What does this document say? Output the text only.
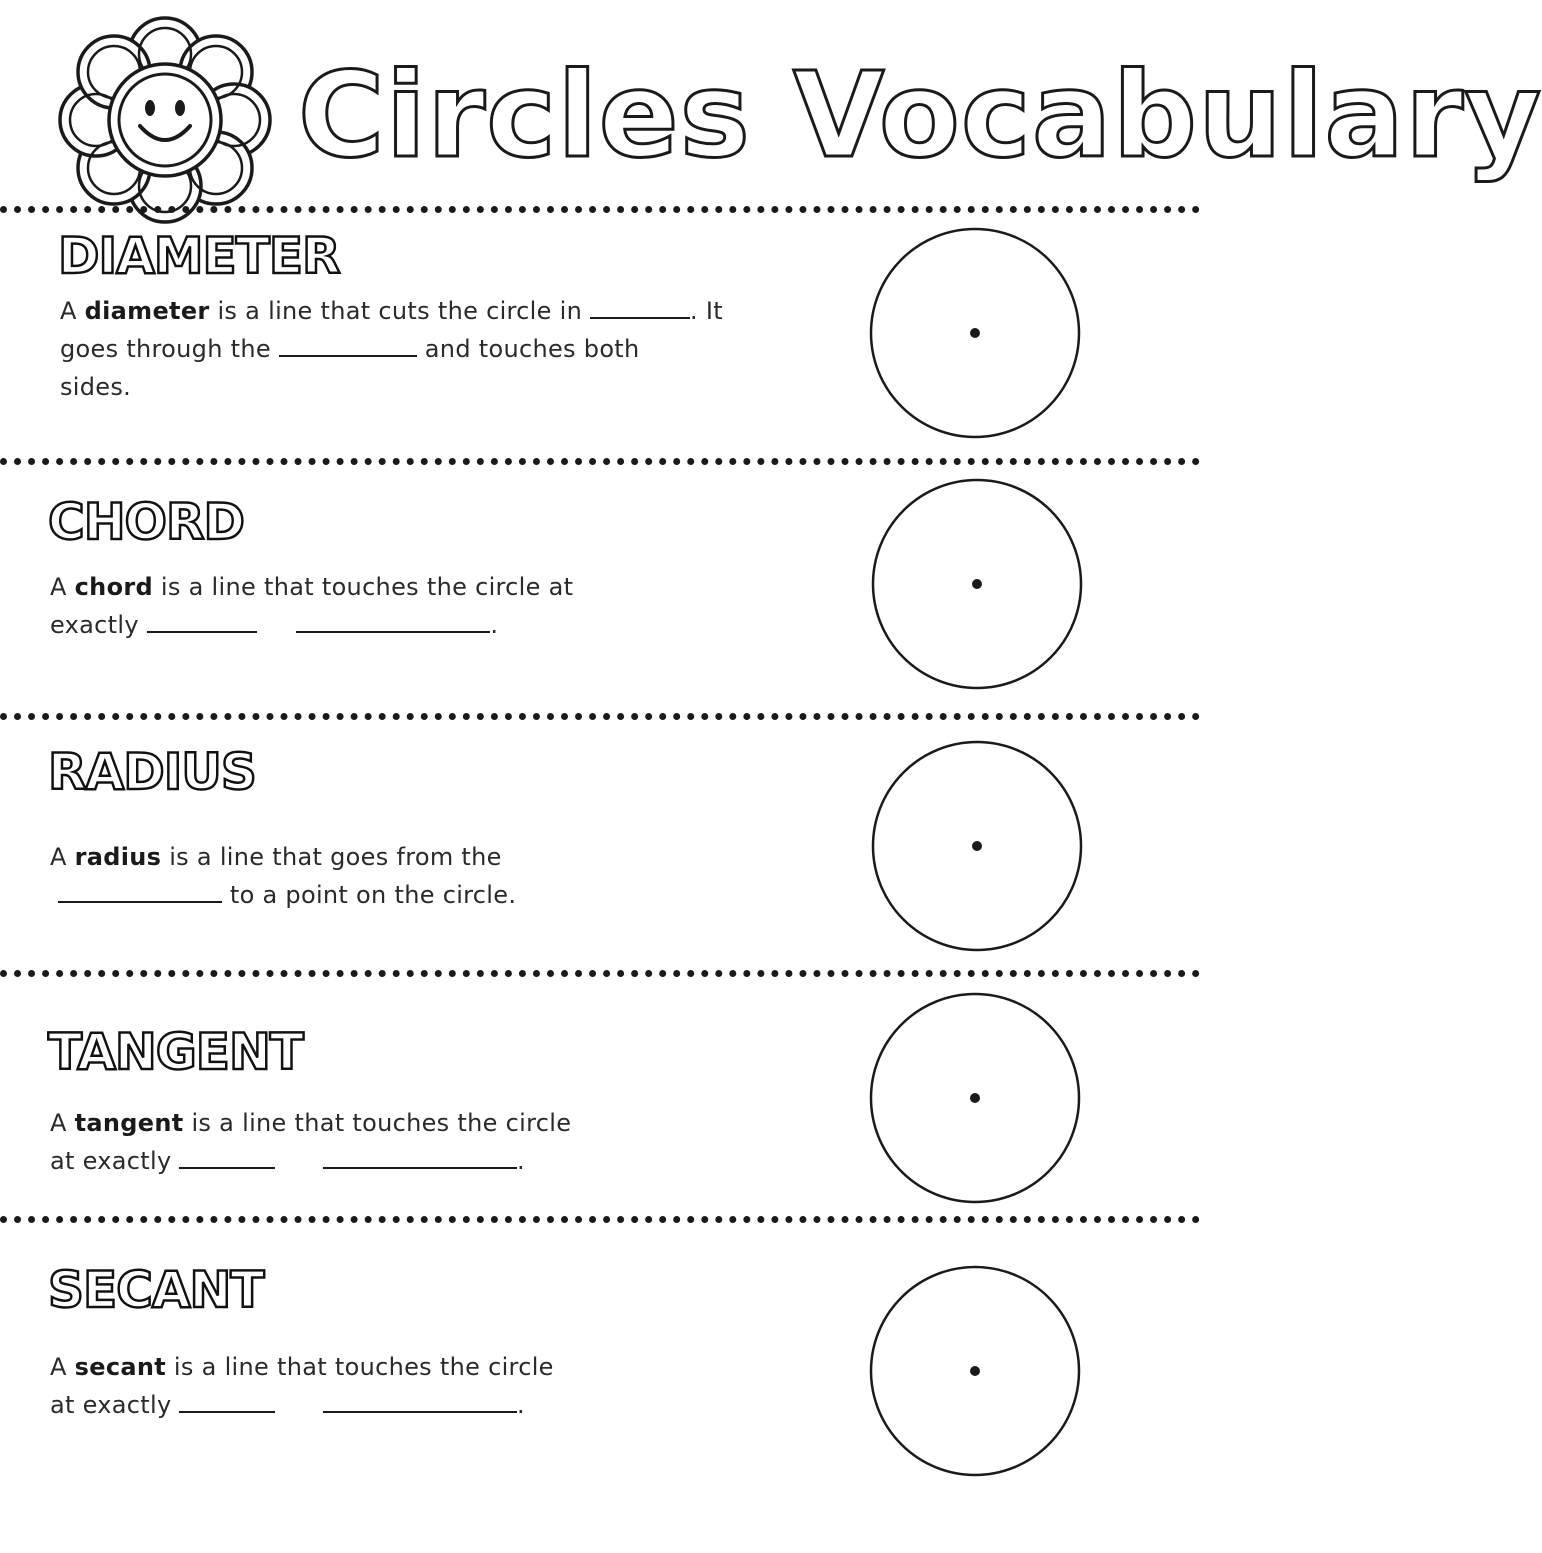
Circles Vocabulary
DIAMETER
A diameter is a line that cuts the circle in	. It
goes through the	and touches both
sides.
CHORD
A chord is a line that touches the circle at
exactly	.
RADIUS
A radius is a line that goes from the
to a point on the circle.
TANGENT
A tangent is a line that touches the circle
at exactly	.
SECANT
A secant is a line that touches the circle
at exactly	.
